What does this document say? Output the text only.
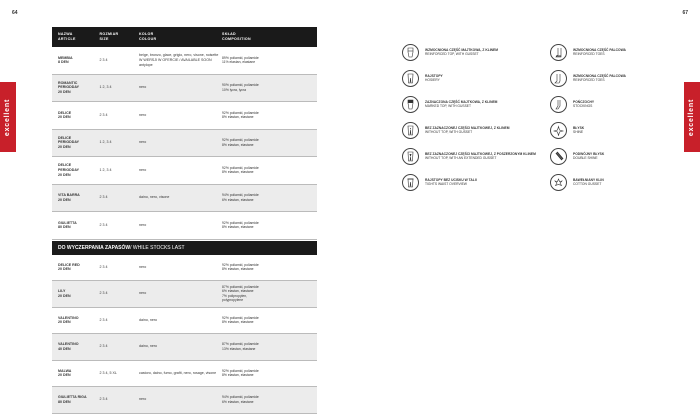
64	67
excellent	excellent
NAZWA
ARTICLE
ROZMIAR
SIZE
KOLOR
COLOUR
SKŁAD
COMPOSITION
MEMBIA
8 DEN
2 3 4
beige, bronzo, glace, grigio, nero, visone, noisette
W WERSJI W OFERCIE / AVAILABLE SOON
antylope
89% poliamid, poliamide
11% elastan, elastane
ROMANTIC
PERIODDAY
20 DEN
1 2, 3 4	nero
90% poliamid, poliamide
10% lycra, lycra
DELICE
20 DEN
2 3 4	nero
92% poliamid, poliamide
8% elastan, elastane
DELICE
PERIODDAY
20 DEN
1 2, 3 4	nero
92% poliamid, poliamide
8% elastan, elastane
DELICE
PERIODDAY
20 DEN
1 2, 3 4	nero
92% poliamid, poliamide
8% elastan, elastane
VITA BARRA
20 DEN
2 3 4	daino, nero, visone
94% poliamid, poliamide
6% elastan, elastane
GIULIETTA
80 DEN
2 3 4	nero
92% poliamid, poliamide
8% elastan, elastane
DO WYCZERPANIA ZAPASÓW / WHILE STOCKS LAST
DELICE RED
20 DEN
2 3 4	nero
92% poliamid, poliamide
8% elastan, elastane
LILY
20 DEN
2 3 4	nero
87% poliamid, poliamide
6% elastan, elastane
7% polipropylen,
polypropylene
VALENTINO
20 DEN
2 3 4	daino, nero
92% poliamid, poliamide
8% elastan, elastane
VALENTINO
40 DEN
2 3 4	daino, nero
87% poliamid, poliamide
13% elastan, elastane
MALWA
20 DEN
2 3 4, 5 XL	castoro, daino, fumo, grafit, nero, rosage, visone
92% poliamid, poliamide
8% elastan, elastane
GIULIETTA RIGA
80 DEN
2 3 4	nero
94% poliamid, poliamide
6% elastan, elastane
WZMOCNIONA CZĘŚĆ MAJTKOWA, Z KLINEM
REINFORCED TOP, WITH GUSSET
WZMOCNIONA CZĘŚĆ PALCOWA
REINFORCED TOES
RAJSTOPY
HOSIERY
WZMOCNIONA CZĘŚĆ PALCOWA
REINFORCED TOES
ZAZNACZONA CZĘŚĆ MAJTKOWA, Z KLINEM
MARKED TOP, WITH GUSSET
POŃCZOCHY
STOCKINGS
BEZ ZAZNACZONEJ CZĘŚCI MAJTKOWEJ, Z KLINEM
WITHOUT TOP, WITH GUSSET
BŁYSK
SHINE
BEZ ZAZNACZONEJ CZĘŚCI MAJTKOWEJ, Z POSZERZONYM KLINEM
WITHOUT TOP, WITH AN EXTENDED GUSSET
PODWÓJNY BŁYSK
DOUBLE SHINE
RAJSTOPY BEZ UCISKU W TALII
TIGHTS WAIST OVERVIEW
BAWEŁNIANY KLIN
COTTON GUSSET
